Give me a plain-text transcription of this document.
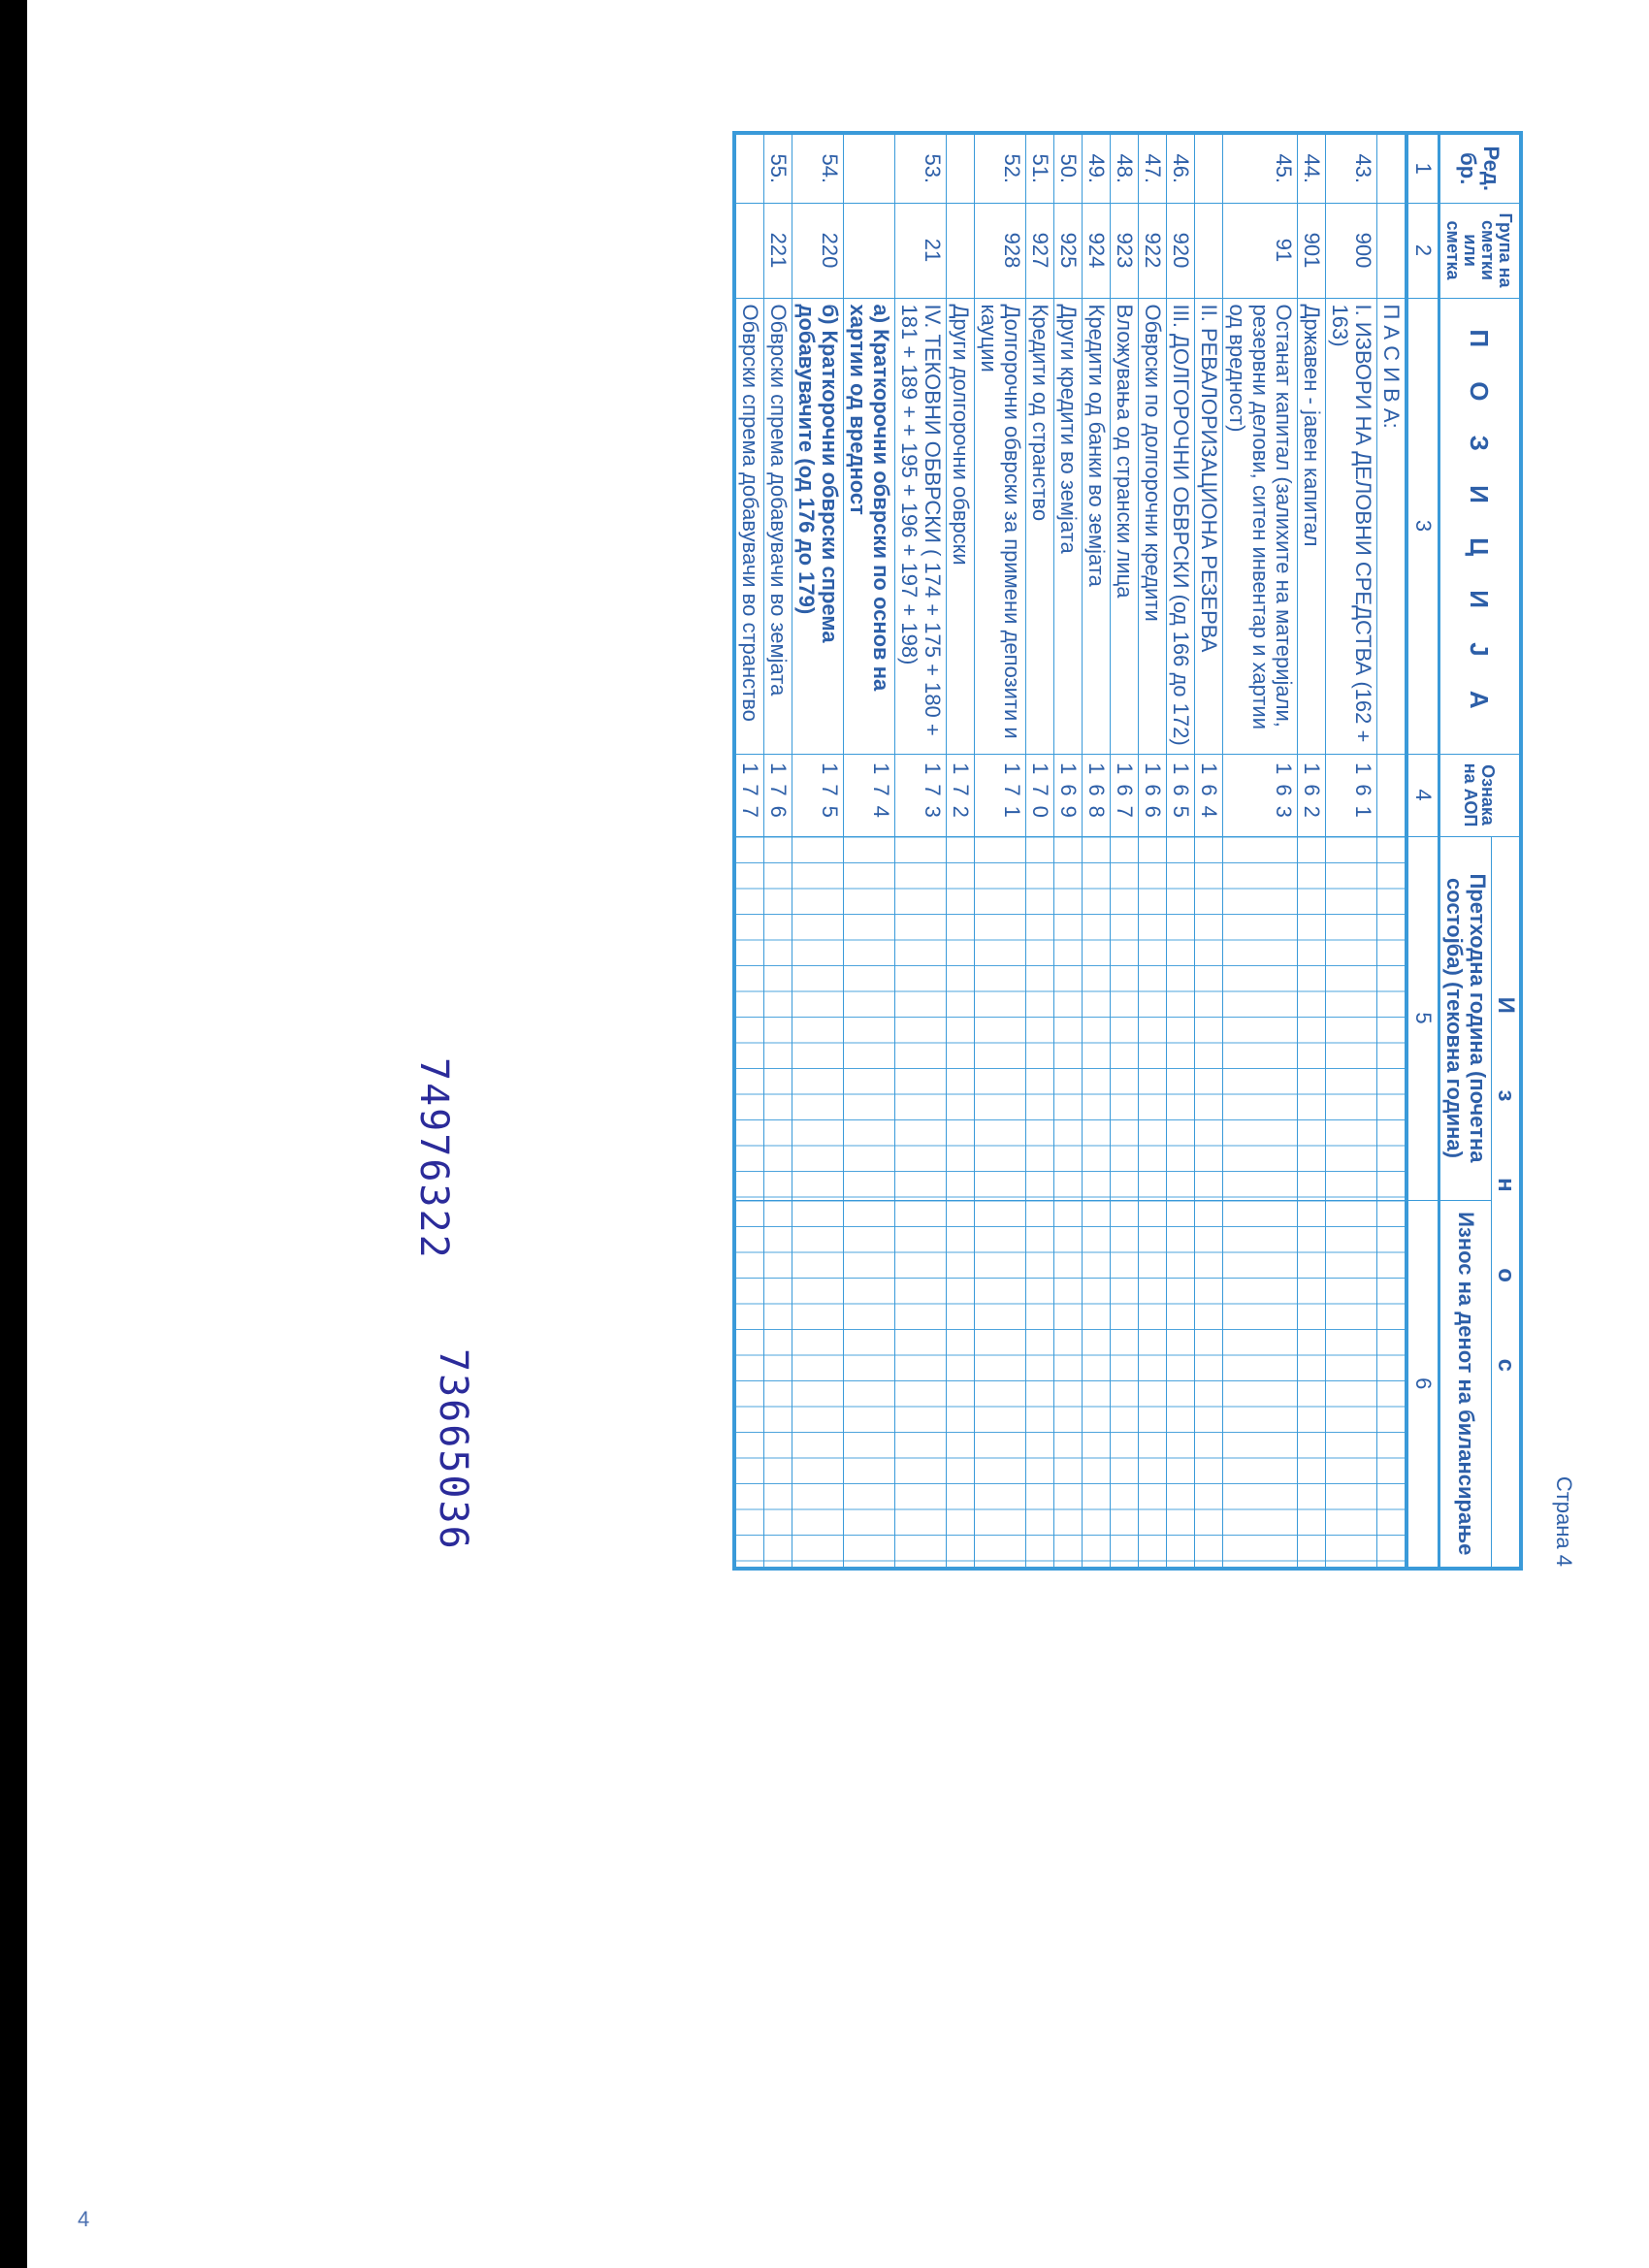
4
Страна 4
Ред. бр.	Група на сметки или сметка	П О З И Ц И Ј А	Ознака на АОП	И з н о с	
				Претходна година (почетна состојба) (тековна година)	Износ на денот на билансирање
1	2	3	4	5	6
		П А С И В А:			
43.	900	I. ИЗВОРИ НА ДЕЛОВНИ СРЕДСТВА (162 + 163)	161		
44.	901	Државен - јавен капитал	162		
45.	91	Останат капитал (залихите на материјали, резервни делови, ситен инвентар и хартии од вредност)	163		
		II. РЕВАЛОРИЗАЦИОНА РЕЗЕРВА	164		
46.	920	III. ДОЛГОРОЧНИ ОБВРСКИ (од 166 до 172)	165		
47.	922	Обврски по долгорочни кредити	166		
48.	923	Вложувања од странски лица	167		
49.	924	Кредити од банки во земјата	168		
50.	925	Други кредити во земјата	169		
51.	927	Кредити од странство	170		
52.	928	Долгорочни обврски за примени депозити и кауции	171		
		Други долгорочни обврски	172		
53.	21	IV. ТЕКОВНИ ОБВРСКИ ( 174 + 175 + 180 + 181 + 189 + + 195 + 196 + 197 + 198)	173		
		а) Краткорочни обврски по основ на хартии од вредност	174		
54.	220	б) Краткорочни обврски спрема добавувачите (од 176 до 179)	175		
55.	221	Обврски спрема добавувачи во земјата	176		
		Обврски спрема добавувачи во странство	177		
74976322
73665036
